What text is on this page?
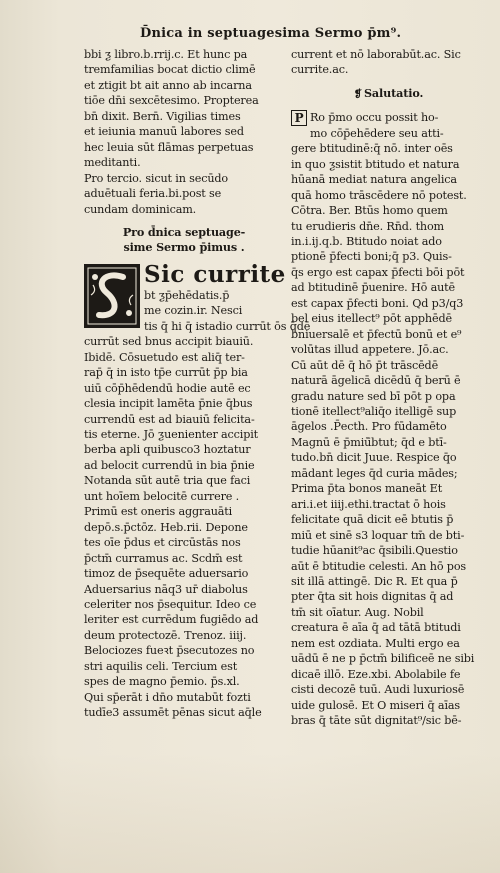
D̄nica in septuagesima Sermo p̄m⁹.
bbi ƺ libro.b.rrij.c. Et hunc pa
tremfamilias bocat dictio climē
et ztigit bt ait anno ab incarna
tiōe dn̄i sexcētesimo. Propterea
bn̄ dixit. Bern̄. Vigilias times
et ieiunia manuū labores sed
hec leuia sūt flāmas perpetuas
meditanti.
Pro tercio. sicut in secūdo
aduētuali feria.bi.post se
cundam dominicam.
Pro d̄nica septuage-
sime Sermo p̄imus .
Sic currite
bt ƺp̄ehēdatis.p̄
me cozin.ir. Nesci
tis q̄ hi q̄ istadio currūt ōs q̄dē
currūt sed bnus accipit biauiū.
Ibidē. Cōsuetudo est aliq̄ ter-
rap̄ q̄ in isto tp̄e currūt p̄p bia
uiū cōp̄hēdendū hodie autē ec
clesia incipit lamēta p̄nie q̄bus
currendū est ad biauiū felicita-
tis eterne. Jō ƺuenienter accipit
berba apli quibusco3 hoztatur
ad belocit currendū in bia p̄nie
Notanda sūt autē tria que faci
unt hoīem belocitē currere .
Primū est oneris aggrauāti
depō.s.p̄ctōz. Heb.rii. Depone
tes oīe p̄dus et circūstās nos
p̄ctm̄ curramus ac. Scdm̄ est
timoz de p̄sequēte aduersario
Aduersarius nāq3 ur̄ diabolus
celeriter nos p̄sequitur. Ideo ce
leriter est currēdum fugiēdo ad
deum protectozē. Trenoz. iiij.
Belociozes fueꝛt p̄secutozes no
stri aquilis celi. Tercium est
spes de magno p̄emio. p̄s.xl.
Qui sp̄erāt i dn̄o mutabūt fozti
tudīe3 assumēt pēnas sicut aq̄le
current et nō laborabūt.ac. Sic
currite.ac.
❡ Salutatio.
P Ro p̄mo occu possit ho-
mo cōp̄ehēdere seu atti-
gere btitudinē:q̄ nō. inter oēs
in quo ƺsistit btitudo et natura
hūanā mediat natura angelica
quā homo trāscēdere nō potest.
Cōtra. Ber. Btūs homo quem
tu erudieris dn̄e. Rn̄d. thom
in.i.ij.q.b. Btitudo noiat ado
ptionē p̄fecti boni;q̄ p3. Quis-
q̄s ergo est capax p̄fecti bōi pōt
ad btitudinē p̄uenire. Hō autē
est capax p̄fecti boni. Qd p3/q3
bel eius itellect⁹ pōt apphēdē
bniuersalē et p̄fectū bonū et e⁹
volūtas illud appetere. Jō.ac.
Cū aūt dē q̄ hō p̄t trāscēdē
naturā āgelicā dicēdū q̄ berū ē
gradu nature sed bī pōt p opa
tionē itellect⁹aliq̄o itelligē sup
āgelos .P̄ecth. Pro fūdamēto
Magnū ē p̄miū̄btut; q̄d e btī-
tudo.bn̄ dicit Juue. Respice q̄o
mādant leges q̄d curia mādes;
Prima p̄ta bonos maneāt Et
ari.i.et iiij.ethi.tractat ō hois
felicitate quā dicit eē btutis p̄
miū et sinē s3 loquar tm̄ de bti-
tudie hūanit⁹ac q̄sibili.Questio
aūt ē btitudie celesti. An hō pos
sit illā attingē. Dic R. Et qua p̄
pter q̄ta sit hois dignitas q̄ ad
tm̄ sit oīatur. Aug. Nobil
creatura ē aīa q̄ ad tātā btitudi
nem est ozdiata. Multi ergo ea
uādū ē ne p p̄ctm̄ bilificeē ne sibi
dicaē illō. Eze.xbi. Abolabile fe
cisti decozē tuū. Audi luxuriosē
uide gulosē. Et O miseri q̄ aīas
bras q̄ tāte sūt dignitat⁹/sic bē-
